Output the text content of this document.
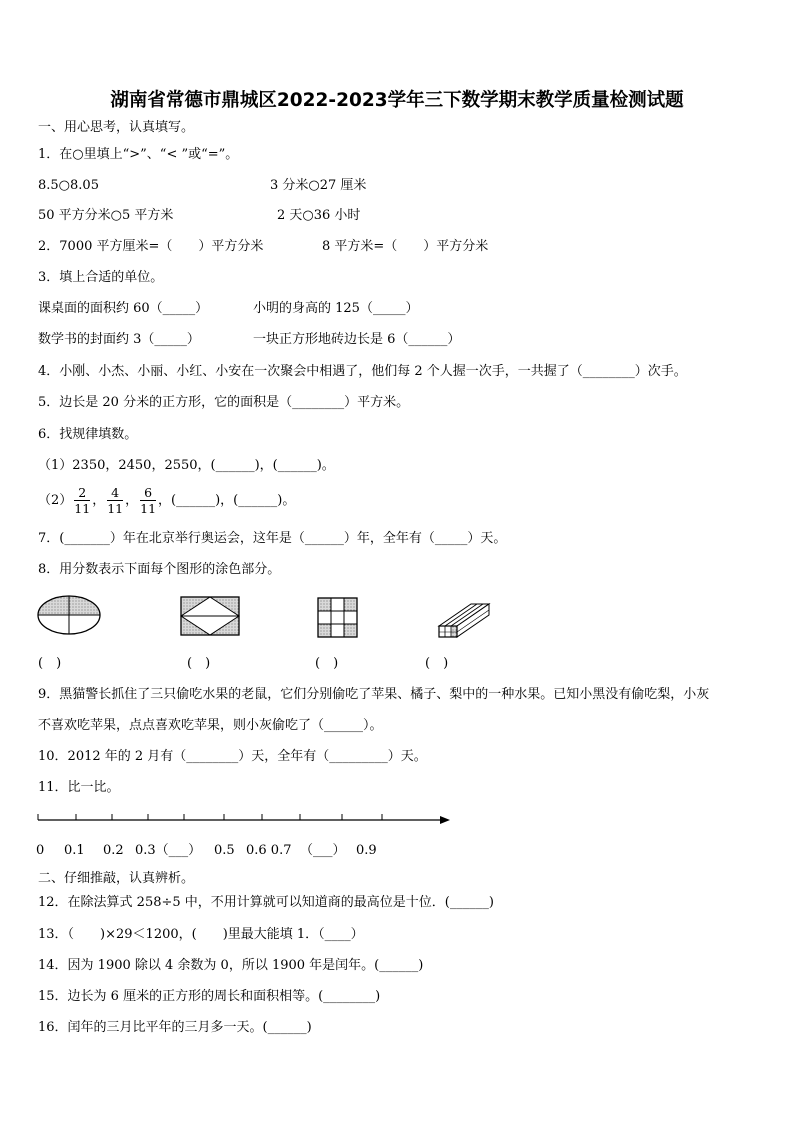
湖南省常德市鼎城区2022-2023学年三下数学期末教学质量检测试题
一、用心思考，认真填写。
1．在○里填上“>”、“< ”或“=”。
8.5○8.05	3 分米○27 厘米
50 平方分米○5 平方米	2 天○36 小时
2．7000 平方厘米=（　　）平方分米	8 平方米=（　　）平方分米
3．填上合适的单位。
课桌面的面积约 60（_____）	小明的身高的 125（_____）
数学书的封面约 3（_____）	一块正方形地砖边长是 6（______）
4．小刚、小杰、小丽、小红、小安在一次聚会中相遇了，他们每 2 个人握一次手，一共握了（________）次手。
5．边长是 20 分米的正方形，它的面积是（________）平方米。
6．找规律填数。
（1）2350，2450，2550，(______)，(______)。
$(2) \frac{2}{11}$ ， $\frac{4}{11}$ ， $\frac{6}{11}$ ，(______)，(______)。
7．(_______）年在北京举行奥运会，这年是（______）年，全年有（_____）天。
8．用分数表示下面每个图形的涂色部分。
(　)	(　)	(　)	(　)
9．黑猫警长抓住了三只偷吃水果的老鼠，它们分别偷吃了苹果、橘子、梨中的一种水果。已知小黑没有偷吃梨，小灰
不喜欢吃苹果，点点喜欢吃苹果，则小灰偷吃了（______）。
10．2012 年的 2 月有（________）天，全年有（_________）天。
11．比一比。
0 0.1 0.2 0.3（___） 0.5 0.6 0.7 （___） 0.9
二、仔细推敲，认真辨析。
12．在除法算式 258÷5 中，不用计算就可以知道商的最高位是十位．(______)
13．（　　)×29＜1200，(　　)里最大能填 1．（____）
14．因为 1900 除以 4 余数为 0，所以 1900 年是闰年。(______)
15．边长为 6 厘米的正方形的周长和面积相等。(________)
16．闰年的三月比平年的三月多一天。(______)
